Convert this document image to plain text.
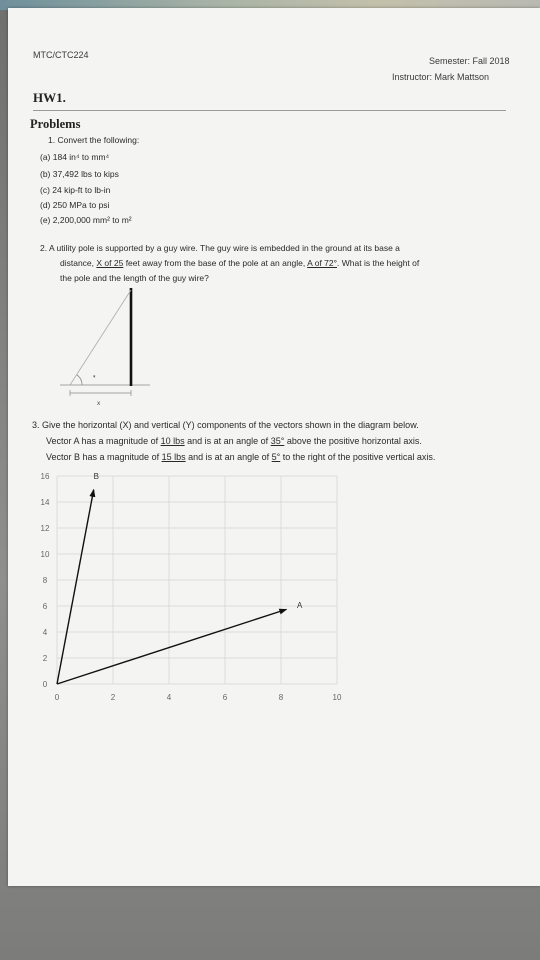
MTC/CTC224
Semester: Fall 2018
Instructor: Mark Mattson
HW1.
Problems
1. Convert the following:
(a) 184 in⁴ to mm⁴
(b) 37,492 lbs to kips
(c) 24 kip-ft to lb-in
(d) 250 MPa to psi
(e) 2,200,000 mm² to m²
2. A utility pole is supported by a guy wire. The guy wire is embedded in the ground at its base a
distance, X of 25 feet away from the base of the pole at an angle, A of 72°. What is the height of
the pole and the length of the guy wire?
▾
x
3. Give the horizontal (X) and vertical (Y) components of the vectors shown in the diagram below.
Vector A has a magnitude of 10 lbs and is at an angle of 35° above the positive horizontal axis.
Vector B has a magnitude of 15 lbs and is at an angle of 5° to the right of the positive vertical axis.
0	2	4	6	8	10
0
2
4
6
8
10
12
14
16
A
B
